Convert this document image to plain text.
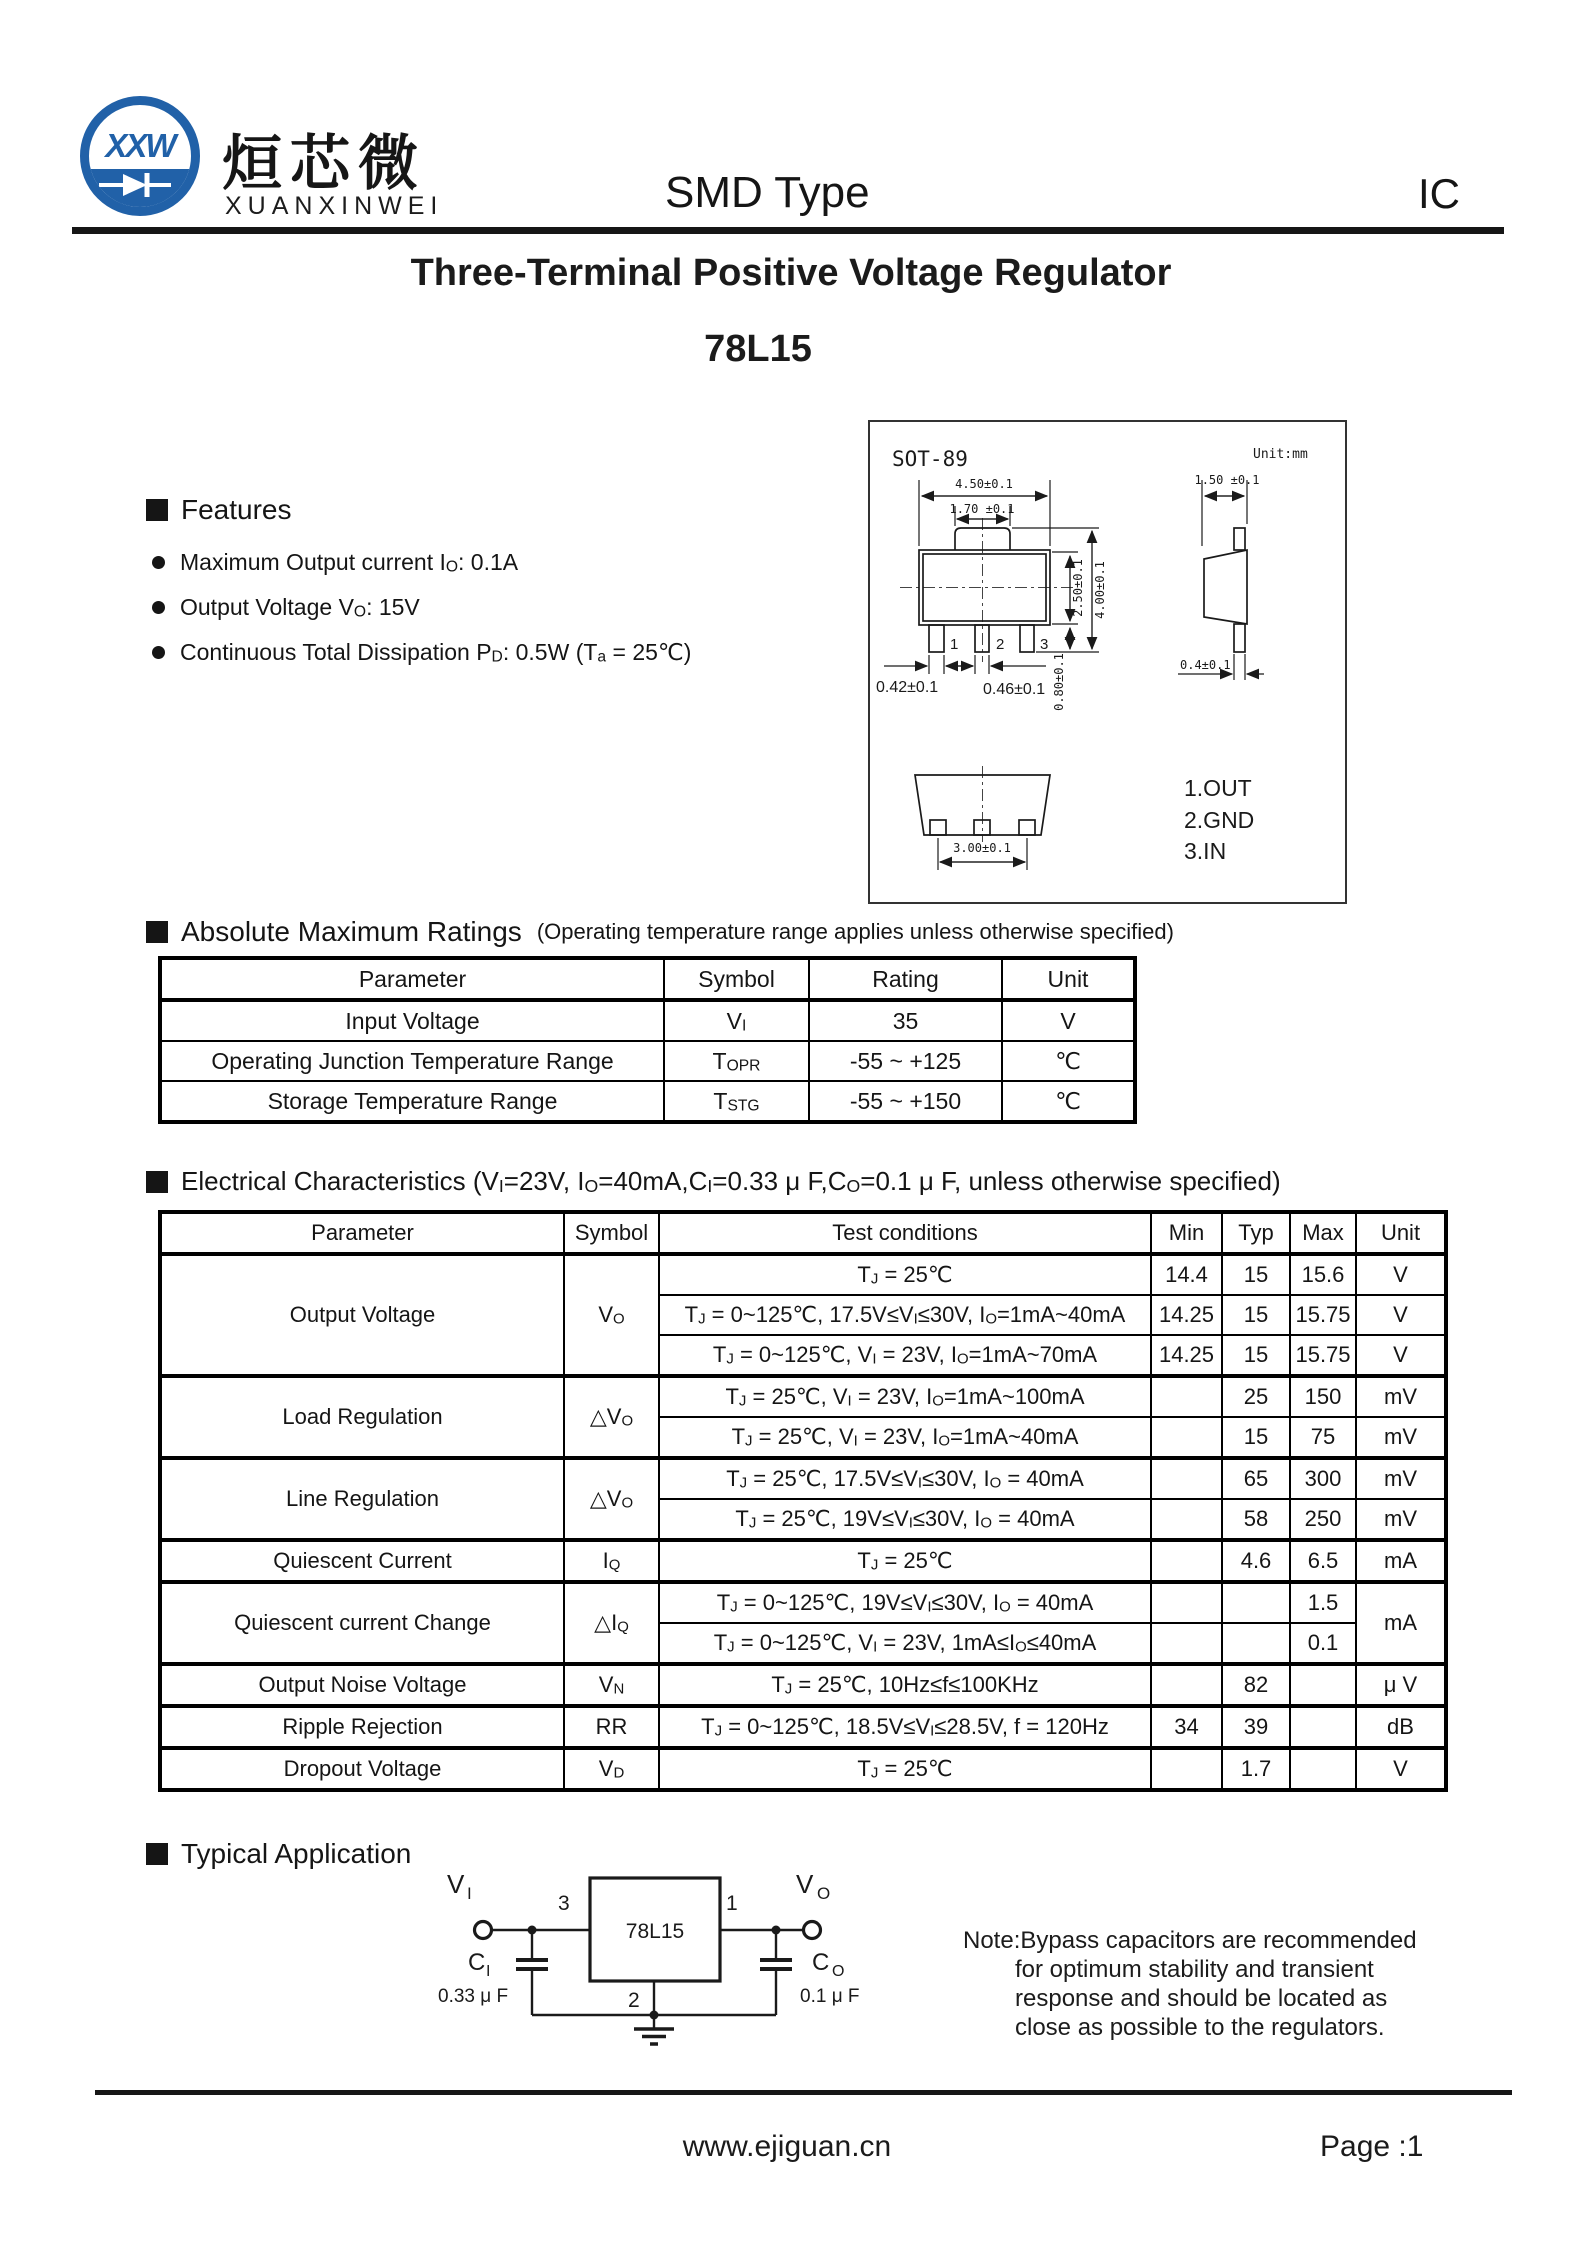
XXW 烜芯微
XUANXINWEI	SMD Type	IC
Three-Terminal Positive Voltage Regulator
78L15
Features
Maximum Output current $I_O$: 0.1A
Output Voltage $V_O$: 15V
Continuous Total Dissipation $P_D$: 0.5W ($T_a$ = 25℃)
SOT-89	Unit:mm
1	2 3
4.50±0.1
1.70 ±0.1
2.50±0.1 4.00±0.1
0.80±0.1
0.42±0.1	0.46±0.1
1.50 ±0.1
0.4±0.1
3.00±0.1
1.OUT
2.GND
3.IN
Absolute Maximum Ratings (Operating temperature range applies unless otherwise specified)
Parameter	Symbol	Rating	Unit
Input Voltage	$V_I$	35	V
Operating Junction Temperature Range	$T_{OPR}$	-55 ~ +125	℃
Storage Temperature Range	$T_{STG}$	-55 ~ +150	℃
Electrical Characteristics ($V_I=23V$, $I_O=40mA,C_I=0.33$ μ $F,C_O=0.1$ μ F, unless otherwise specified)
Parameter	Symbol	Test conditions	Min	Typ	Max	Unit
Output Voltage	$V_O$	$T_J$ = 25℃	14.4	15	15.6	V
		$T_J$ = 0~125℃, $17.5V\le V_I\le 30V$, $I_O=1mA\sim 40mA$	14.25	15	15.75	V
		$T_J$ = 0~125℃, $V_I = 23V$, $I_O=1mA\sim 70mA$	14.25	15	15.75	V
Load Regulation	$\triangle V_O$	$T_J$ = 25℃, $V_I = 23V$, $I_O=1mA\sim 100mA$		25	150	mV
		$T_J$ = 25℃, $V_I = 23V$, $I_O=1mA\sim 40mA$		15	75	mV
Line Regulation	$\triangle V_O$	$T_J$ = 25℃, $17.5V\le V_I\le 30V$, $I_O = 40mA$		65	300	mV
		$T_J$ = 25℃, $19V\le V_I\le 30V$, $I_O = 40mA$		58	250	mV
Quiescent Current	$I_Q$	$T_J$ = 25℃		4.6	6.5	mA
Quiescent current Change	$\triangle I_Q$	$T_J$ = 0~125℃, $19V\le V_I\le 30V$, $I_O = 40mA$			1.5	mA
		$T_J$ = 0~125℃, $V_I = 23V$, $1mA\le I_O\le 40mA$			0.1	
Output Noise Voltage	$V_N$	$T_J$ = 25℃, 10Hz≤f≤100KHz		82		μ V
Ripple Rejection	RR	$T_J$ = 0~125℃, $18.5V\le V_I\le 28.5V$, f = 120Hz	34	39		dB
Dropout Voltage	$V_D$	$T_J$ = 25℃		1.7		V
Typical Application
V I	V O
78L15
3	1
2
C I
0.33 μ F
C O
0.1 μ F
Note:Bypass capacitors are recommended
for optimum stability and transient
response and should be located as
close as possible to the regulators.
www.ejiguan.cn	Page :1
